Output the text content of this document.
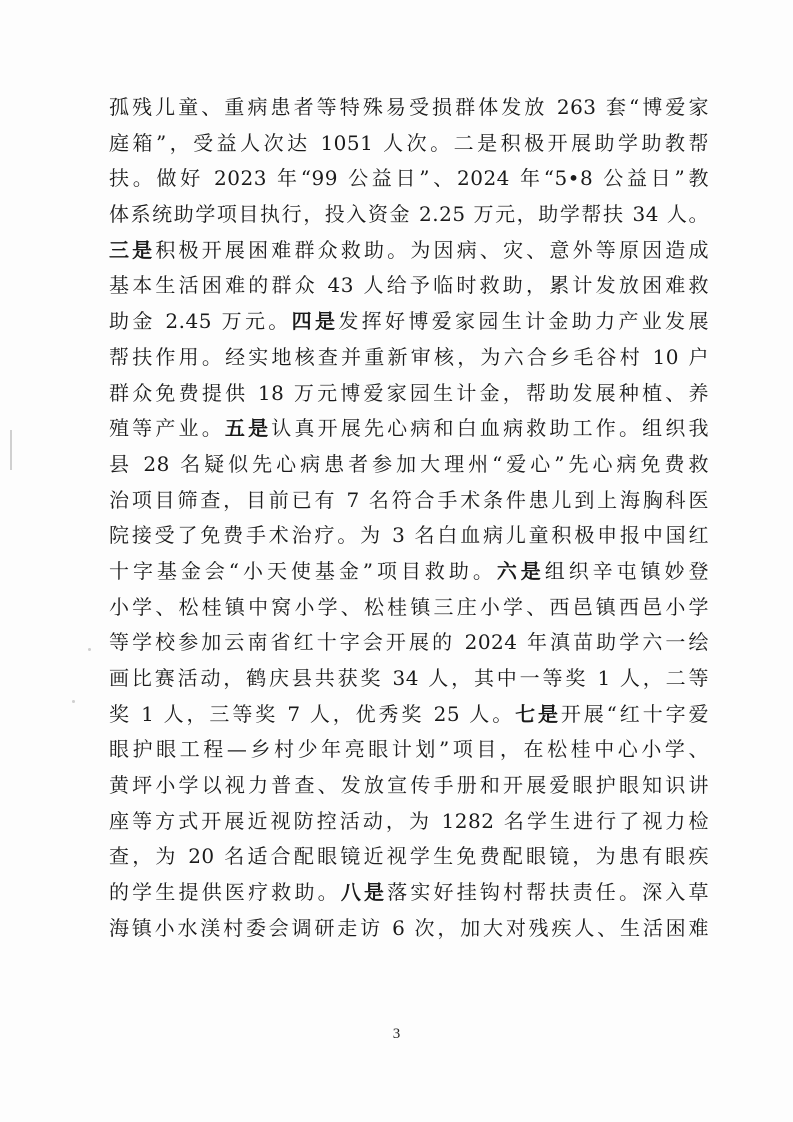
孤残儿童、重病患者等特殊易受损群体发放 263 套“博爱家
庭箱”，受益人次达 1051 人次。二是积极开展助学助教帮
扶。做好 2023 年“99 公益日”、2024 年“5•8 公益日”教
体系统助学项目执行，投入资金 2.25 万元，助学帮扶 34 人。
三是积极开展困难群众救助。为因病、灾、意外等原因造成
基本生活困难的群众 43 人给予临时救助，累计发放困难救
助金 2.45 万元。四是发挥好博爱家园生计金助力产业发展
帮扶作用。经实地核查并重新审核，为六合乡毛谷村 10 户
群众免费提供 18 万元博爱家园生计金，帮助发展种植、养
殖等产业。五是认真开展先心病和白血病救助工作。组织我
县 28 名疑似先心病患者参加大理州“爱心”先心病免费救
治项目筛查，目前已有 7 名符合手术条件患儿到上海胸科医
院接受了免费手术治疗。为 3 名白血病儿童积极申报中国红
十字基金会“小天使基金”项目救助。六是组织辛屯镇妙登
小学、松桂镇中窝小学、松桂镇三庄小学、西邑镇西邑小学
等学校参加云南省红十字会开展的 2024 年滇苗助学六一绘
画比赛活动，鹤庆县共获奖 34 人，其中一等奖 1 人，二等
奖 1 人，三等奖 7 人，优秀奖 25 人。七是开展“红十字爱
眼护眼工程—乡村少年亮眼计划”项目，在松桂中心小学、
黄坪小学以视力普查、发放宣传手册和开展爱眼护眼知识讲
座等方式开展近视防控活动，为 1282 名学生进行了视力检
查，为 20 名适合配眼镜近视学生免费配眼镜，为患有眼疾
的学生提供医疗救助。八是落实好挂钩村帮扶责任。深入草
海镇小水渼村委会调研走访 6 次，加大对残疾人、生活困难
3
